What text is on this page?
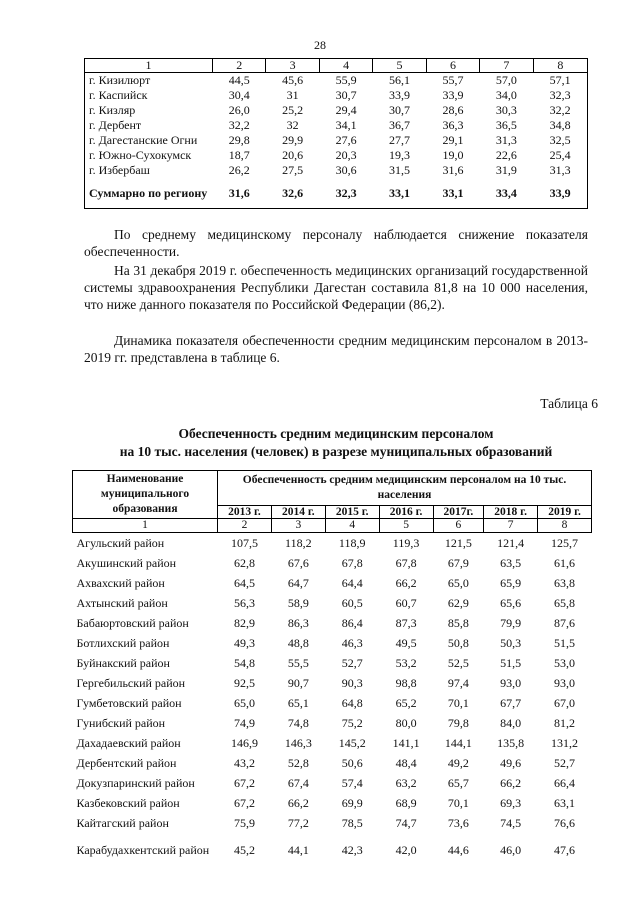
28
1	2	3	4	5	6	7	8
г. Кизилюрт	44,5	45,6	55,9	56,1	55,7	57,0	57,1
г. Каспийск	30,4	31	30,7	33,9	33,9	34,0	32,3
г. Кизляр	26,0	25,2	29,4	30,7	28,6	30,3	32,2
г. Дербент	32,2	32	34,1	36,7	36,3	36,5	34,8
г. Дагестанские Огни	29,8	29,9	27,6	27,7	29,1	31,3	32,5
г. Южно-Сухокумск	18,7	20,6	20,3	19,3	19,0	22,6	25,4
г. Избербаш	26,2	27,5	30,6	31,5	31,6	31,9	31,3
Суммарно по региону	31,6	32,6	32,3	33,1	33,1	33,4	33,9

По среднему медицинскому персоналу наблюдается снижение показателя обеспеченности.

На 31 декабря 2019 г. обеспеченность медицинских организаций государственной системы здравоохранения Республики Дагестан составила 81,8 на 10 000 населения, что ниже данного показателя по Российской Федерации (86,2).

Динамика показателя обеспеченности средним медицинским персоналом в 2013-2019 гг. представлена в таблице 6.

Таблица 6
Обеспеченность средним медицинским персоналом
на 10 тыс. населения (человек) в разрезе муниципальных образований
Наименование муниципального образования	Обеспеченность средним медицинским персоналом на 10 тыс. населения						
	2013 г.	2014 г.	2015 г.	2016 г.	2017г.	2018 г.	2019 г.
1	2	3	4	5	6	7	8
Агульский район	107,5	118,2	118,9	119,3	121,5	121,4	125,7
Акушинский район	62,8	67,6	67,8	67,8	67,9	63,5	61,6
Ахвахский район	64,5	64,7	64,4	66,2	65,0	65,9	63,8
Ахтынский район	56,3	58,9	60,5	60,7	62,9	65,6	65,8
Бабаюртовский район	82,9	86,3	86,4	87,3	85,8	79,9	87,6
Ботлихский район	49,3	48,8	46,3	49,5	50,8	50,3	51,5
Буйнакский район	54,8	55,5	52,7	53,2	52,5	51,5	53,0
Гергебильский район	92,5	90,7	90,3	98,8	97,4	93,0	93,0
Гумбетовский район	65,0	65,1	64,8	65,2	70,1	67,7	67,0
Гунибский район	74,9	74,8	75,2	80,0	79,8	84,0	81,2
Дахадаевский район	146,9	146,3	145,2	141,1	144,1	135,8	131,2
Дербентский район	43,2	52,8	50,6	48,4	49,2	49,6	52,7
Докузпаринский район	67,2	67,4	57,4	63,2	65,7	66,2	66,4
Казбековский район	67,2	66,2	69,9	68,9	70,1	69,3	63,1
Кайтагский район	75,9	77,2	78,5	74,7	73,6	74,5	76,6
Карабудахкентский район	45,2	44,1	42,3	42,0	44,6	46,0	47,6
